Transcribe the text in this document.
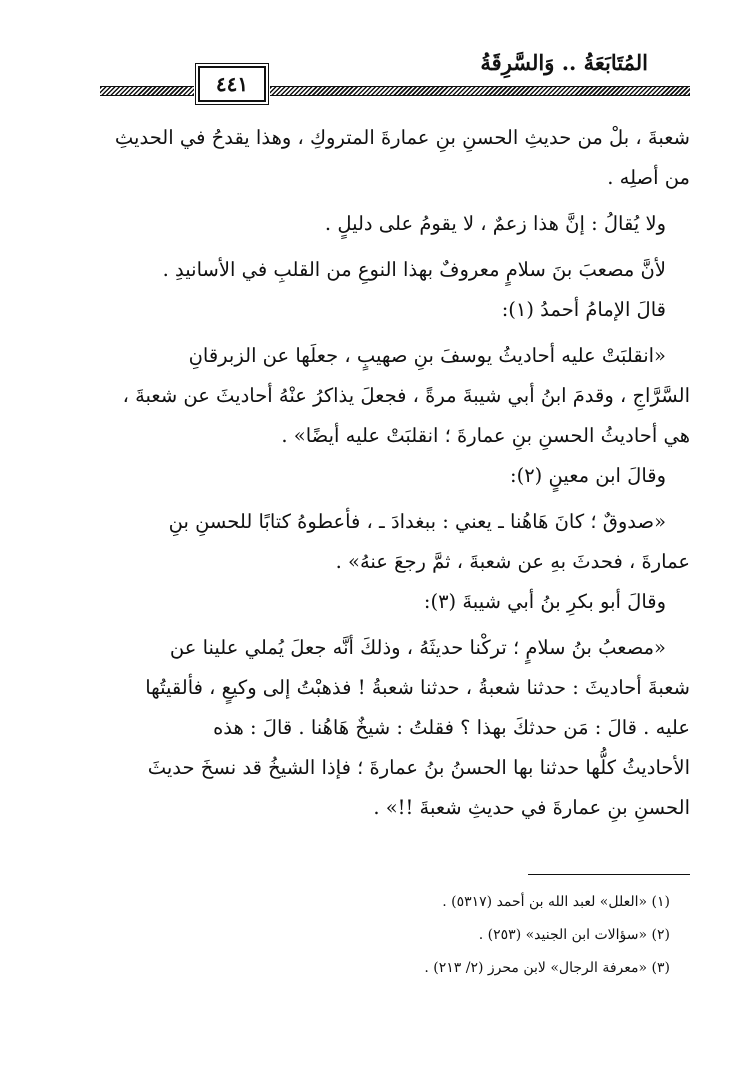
المُتَابَعَةُ .. وَالسَّرِقَةُ
٤٤١

شعبةَ ، بلْ من حديثِ الحسنِ بنِ عمارةَ المتروكِ ، وهذا يقدحُ في الحديثِ

من أصلِه .

ولا يُقالُ : إنَّ هذا زعمٌ ، لا يقومُ على دليلٍ .

لأنَّ مصعبَ بنَ سلامٍ معروفٌ بهذا النوعِ من القلبِ في الأسانيدِ .

قالَ الإمامُ أحمدُ (١):

«انقلبَتْ عليه أحاديثُ يوسفَ بنِ صهيبٍ ، جعلَها عن الزبرقانِ

السَّرَّاجِ ، وقدمَ ابنُ أبي شيبةَ مرةً ، فجعلَ يذاكرُ عنْهُ أحاديثَ عن شعبةَ ،

هي أحاديثُ الحسنِ بنِ عمارةَ ؛ انقلبَتْ عليه أيضًا» .

وقالَ ابن معينٍ (٢):

«صدوقٌ ؛ كانَ هَاهُنا ـ يعني : ببغدادَ ـ ، فأعطوهُ كتابًا للحسنِ بنِ

عمارةَ ، فحدثَ بهِ عن شعبةَ ، ثمَّ رجعَ عنهُ» .

وقالَ أبو بكرِ بنُ أبي شيبةَ (٣):

«مصعبُ بنُ سلامٍ ؛ تركْنا حديثَهُ ، وذلكَ أنَّه جعلَ يُملي علينا عن

شعبةَ أحاديثَ : حدثنا شعبةُ ، حدثنا شعبةُ ! فذهبْتُ إلى وكيعٍ ، فألقيتُها

عليه . قالَ : مَن حدثكَ بهذا ؟ فقلتُ : شيخٌ هَاهُنا . قالَ : هذه

الأحاديثُ كلُّها حدثنا بها الحسنُ بنُ عمارةَ ؛ فإذا الشيخُ قد نسخَ حديثَ

الحسنِ بنِ عمارةَ في حديثِ شعبةَ !!» .

(١) «العلل» لعبد الله بن أحمد (٥٣١٧) .
(٢) «سؤالات ابن الجنيد» (٢٥٣) .
(٣) «معرفة الرجال» لابن محرز (٢/ ٢١٣) .
